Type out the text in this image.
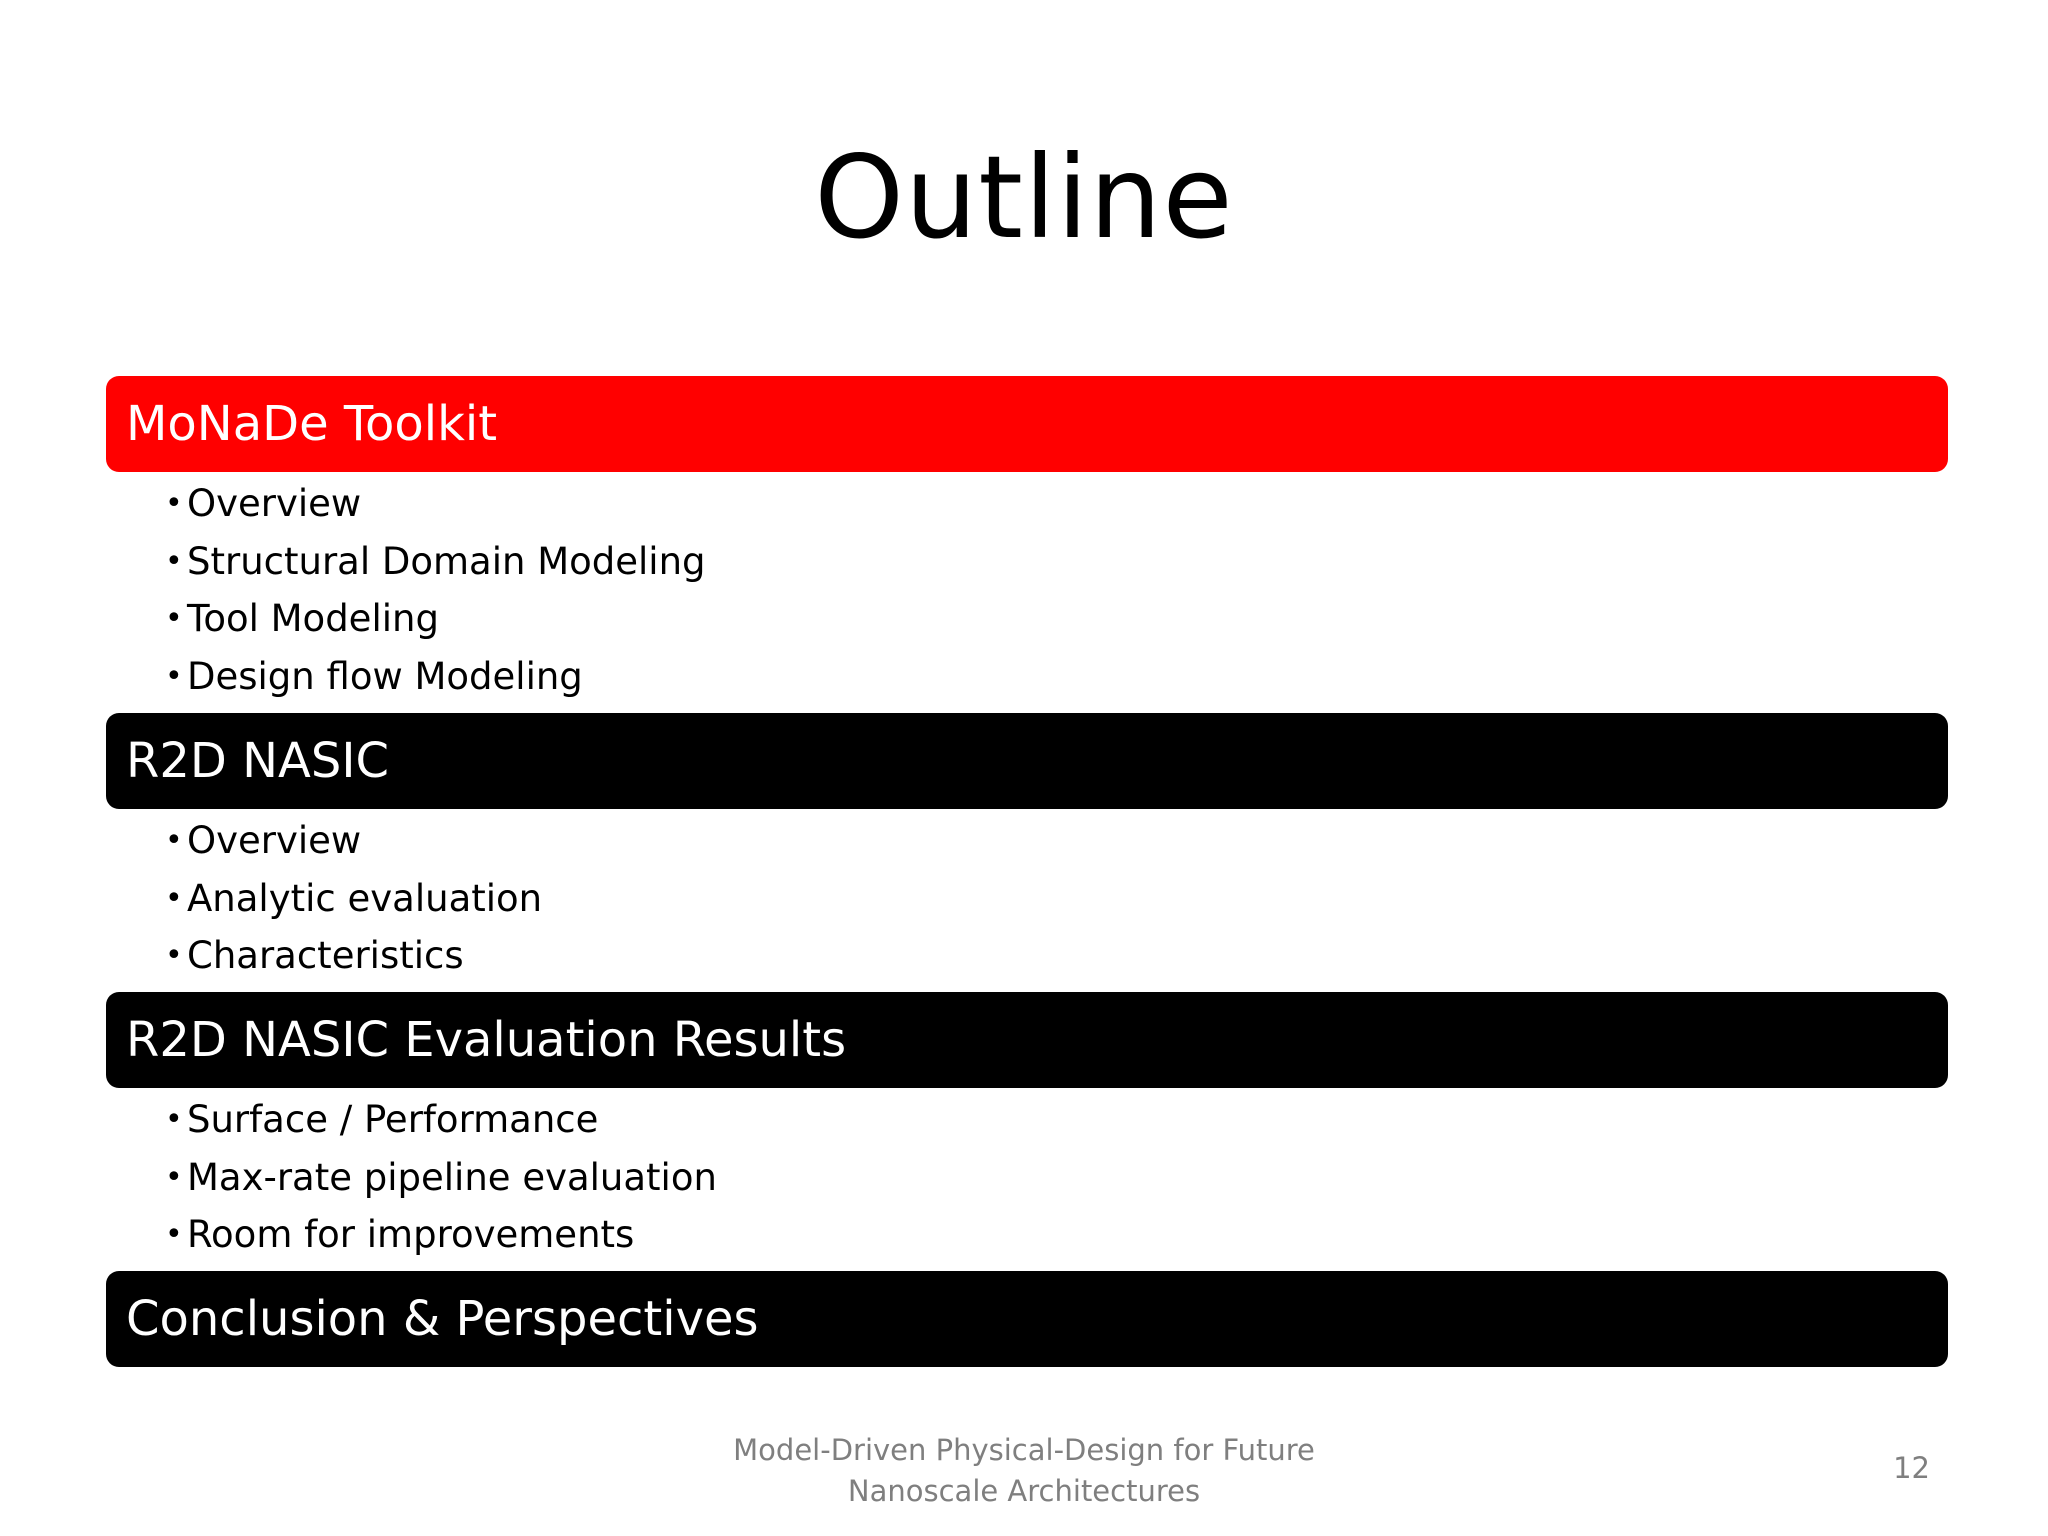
Outline
MoNaDe Toolkit
• Overview
• Structural Domain Modeling
• Tool Modeling
• Design flow Modeling
R2D NASIC
• Overview
• Analytic evaluation
• Characteristics
R2D NASIC Evaluation Results
• Surface / Performance
• Max-rate pipeline evaluation
• Room for improvements
Conclusion & Perspectives
Model-Driven Physical-Design for Future
Nanoscale Architectures
12
